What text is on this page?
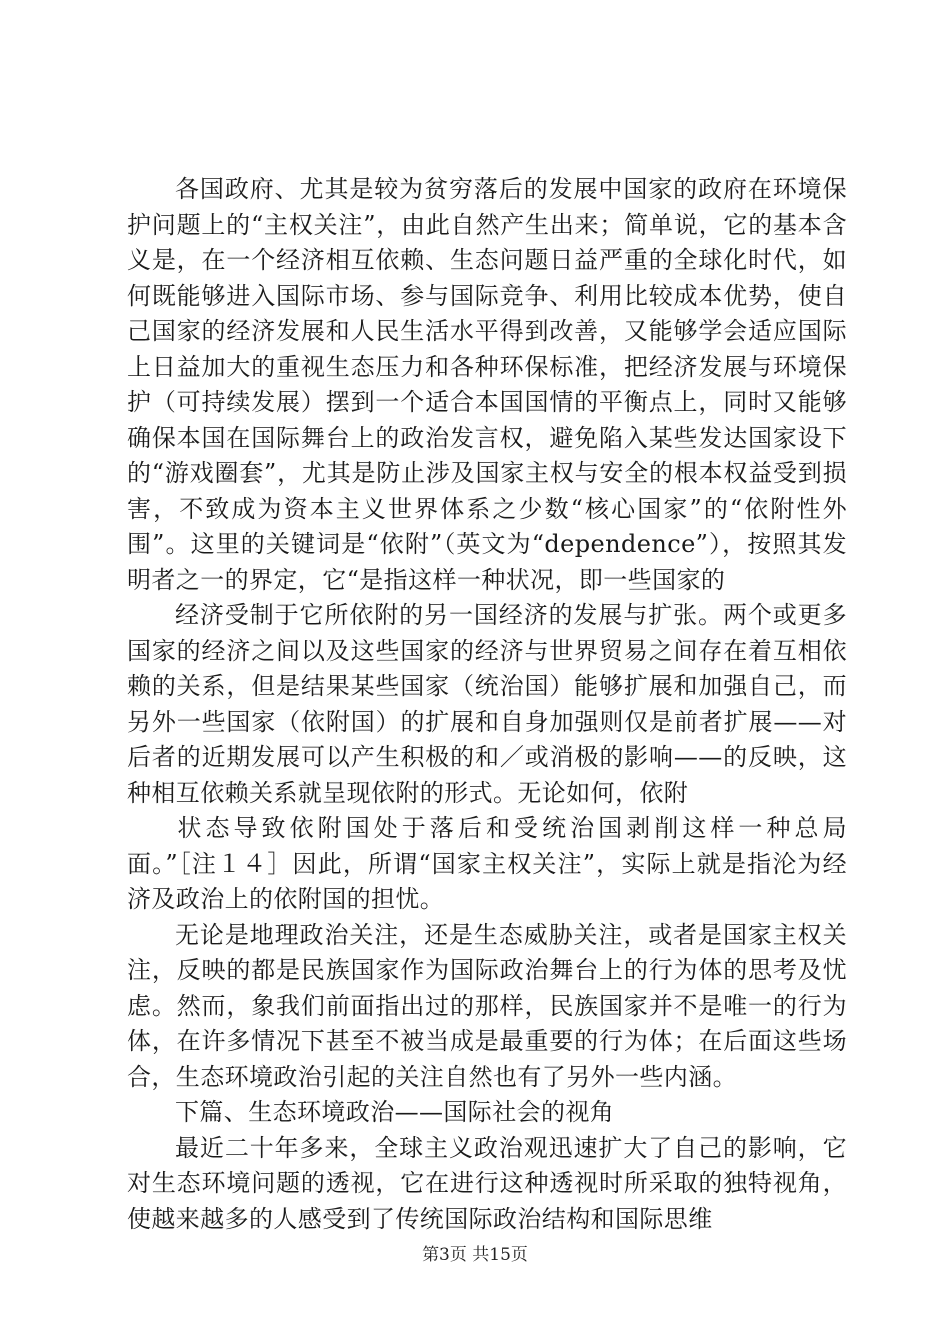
各国政府、尤其是较为贫穷落后的发展中国家的政府在环境保护问题上的“主权关注”，由此自然产生出来；简单说，它的基本含义是，在一个经济相互依赖、生态问题日益严重的全球化时代，如何既能够进入国际市场、参与国际竞争、利用比较成本优势，使自己国家的经济发展和人民生活水平得到改善，又能够学会适应国际上日益加大的重视生态压力和各种环保标准，把经济发展与环境保护（可持续发展）摆到一个适合本国国情的平衡点上，同时又能够确保本国在国际舞台上的政治发言权，避免陷入某些发达国家设下的“游戏圈套”，尤其是防止涉及国家主权与安全的根本权益受到损害，不致成为资本主义世界体系之少数“核心国家”的“依附性外围”。这里的关键词是“依附”（英文为“dependence”），按照其发明者之一的界定，它“是指这样一种状况，即一些国家的

经济受制于它所依附的另一国经济的发展与扩张。两个或更多国家的经济之间以及这些国家的经济与世界贸易之间存在着互相依赖的关系，但是结果某些国家（统治国）能够扩展和加强自己，而另外一些国家（依附国）的扩展和自身加强则仅是前者扩展——对后者的近期发展可以产生积极的和／或消极的影响——的反映，这种相互依赖关系就呈现依附的形式。无论如何，依附

状态导致依附国处于落后和受统治国剥削这样一种总局面。”［注１４］因此，所谓“国家主权关注”，实际上就是指沦为经济及政治上的依附国的担忧。

无论是地理政治关注，还是生态威胁关注，或者是国家主权关注，反映的都是民族国家作为国际政治舞台上的行为体的思考及忧虑。然而，象我们前面指出过的那样，民族国家并不是唯一的行为体，在许多情况下甚至不被当成是最重要的行为体；在后面这些场合，生态环境政治引起的关注自然也有了另外一些内涵。

下篇、生态环境政治——国际社会的视角

最近二十年多来，全球主义政治观迅速扩大了自己的影响，它对生态环境问题的透视，它在进行这种透视时所采取的独特视角，使越来越多的人感受到了传统国际政治结构和国际思维

第3页 共15页
